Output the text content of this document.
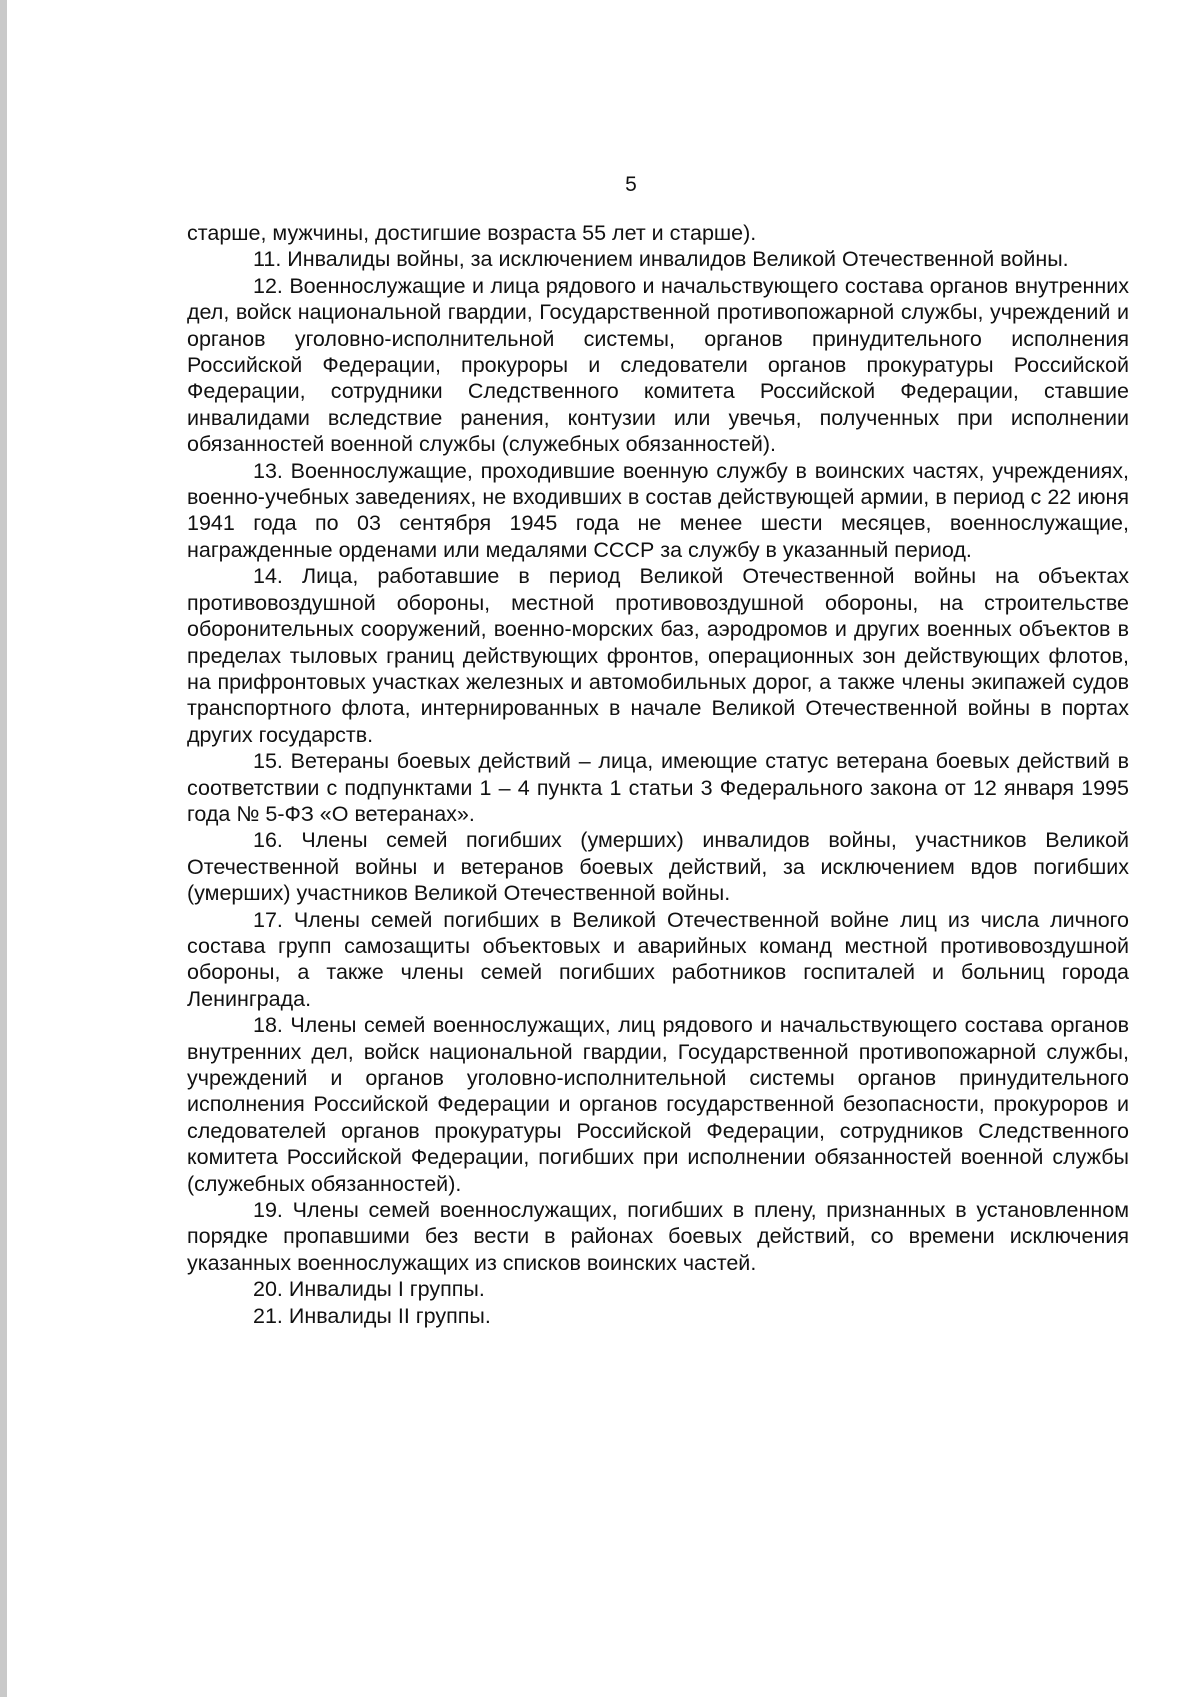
5

старше, мужчины, достигшие возраста 55 лет и старше).

11. Инвалиды войны, за исключением инвалидов Великой Отечественной войны.

12. Военнослужащие и лица рядового и начальствующего состава органов внутренних дел, войск национальной гвардии, Государственной противопожарной службы, учреждений и органов уголовно-исполнительной системы, органов принудительного исполнения Российской Федерации, прокуроры и следователи органов прокуратуры Российской Федерации, сотрудники Следственного комитета Российской Федерации, ставшие инвалидами вследствие ранения, контузии или увечья, полученных при исполнении обязанностей военной службы (служебных обязанностей).

13. Военнослужащие, проходившие военную службу в воинских частях, учреждениях, военно-учебных заведениях, не входивших в состав действующей армии, в период с 22 июня 1941 года по 03 сентября 1945 года не менее шести месяцев, военнослужащие, награжденные орденами или медалями СССР за службу в указанный период.

14. Лица, работавшие в период Великой Отечественной войны на объектах противовоздушной обороны, местной противовоздушной обороны, на строительстве оборонительных сооружений, военно-морских баз, аэродромов и других военных объектов в пределах тыловых границ действующих фронтов, операционных зон действующих флотов, на прифронтовых участках железных и автомобильных дорог, а также члены экипажей судов транспортного флота, интернированных в начале Великой Отечественной войны в портах других государств.

15. Ветераны боевых действий – лица, имеющие статус ветерана боевых действий в соответствии с подпунктами 1 – 4 пункта 1 статьи 3 Федерального закона от 12 января 1995 года № 5-ФЗ «О ветеранах».

16. Члены семей погибших (умерших) инвалидов войны, участников Великой Отечественной войны и ветеранов боевых действий, за исключением вдов погибших (умерших) участников Великой Отечественной войны.

17. Члены семей погибших в Великой Отечественной войне лиц из числа личного состава групп самозащиты объектовых и аварийных команд местной противовоздушной обороны, а также члены семей погибших работников госпиталей и больниц города Ленинграда.

18. Члены семей военнослужащих, лиц рядового и начальствующего состава органов внутренних дел, войск национальной гвардии, Государственной противопожарной службы, учреждений и органов уголовно-исполнительной системы органов принудительного исполнения Российской Федерации и органов государственной безопасности, прокуроров и следователей органов прокуратуры Российской Федерации, сотрудников Следственного комитета Российской Федерации, погибших при исполнении обязанностей военной службы (служебных обязанностей).

19. Члены семей военнослужащих, погибших в плену, признанных в установленном порядке пропавшими без вести в районах боевых действий, со времени исключения указанных военнослужащих из списков воинских частей.

20. Инвалиды I группы.

21. Инвалиды II группы.
